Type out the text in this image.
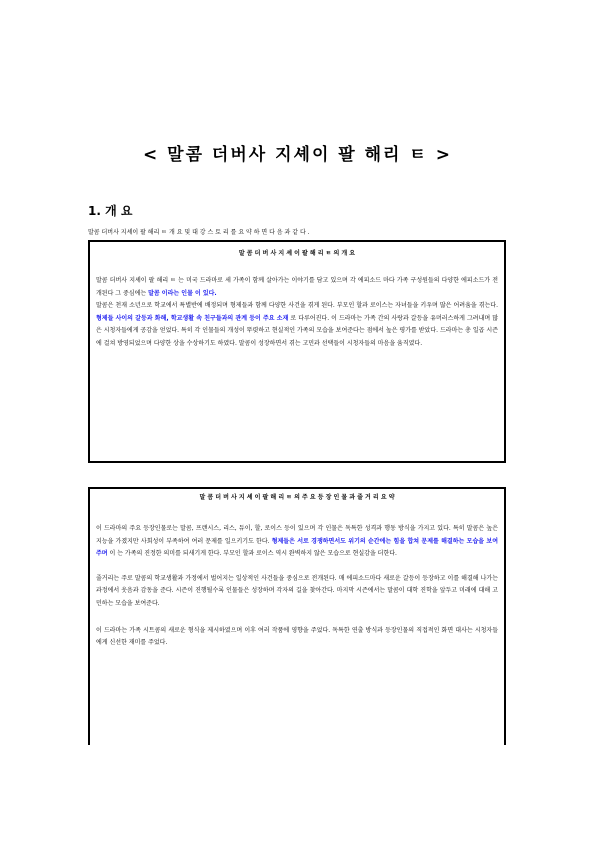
< 말콤 더버사 지셰이 팔 해리 ㅌ >
1. 개 요
말콤 더버사 지셰이 팔 해리 ㅌ 개 요 및 대 강 스 토 리 를 요 약 하 면 다 음 과 같 다 .
말 콤 더 버 사 지 셰 이 팔 해 리 ㅌ 의 개 요
말콤 더버사 지셰이 팔 해리 ㅌ 는 미국 드라마로 세 가족이 함께 살아가는 이야기를 담고 있으며 각 에피소드 마다 가족 구성원들의 다양한 에피소드가 전개된다 그 중심에는 말콤 이라는 인물 이 있다.
말콤은 천재 소년으로 학교에서 특별반에 배정되며 형제들과 함께 다양한 사건을 겪게 된다. 부모인 할과 로이스는 자녀들을 키우며 많은 어려움을 겪는다. 형제들 사이의 갈등과 화해, 학교생활 속 친구들과의 관계 등이 주요 소재 로 다루어진다. 이 드라마는 가족 간의 사랑과 갈등을 유머러스하게 그려내며 많은 시청자들에게 공감을 얻었다. 특히 각 인물들의 개성이 뚜렷하고 현실적인 가족의 모습을 보여준다는 점에서 높은 평가를 받았다. 드라마는 총 일곱 시즌에 걸쳐 방영되었으며 다양한 상을 수상하기도 하였다. 말콤이 성장하면서 겪는 고민과 선택들이 시청자들의 마음을 움직였다.
말 콤 더 버 사 지 셰 이 팔 해 리 ㅌ 의 주 요 등 장 인 물 과 줄 거 리 요 약
이 드라마의 주요 등장인물로는 말콤, 프랜시스, 리스, 듀이, 할, 로이스 등이 있으며 각 인물은 독특한 성격과 행동 방식을 가지고 있다. 특히 말콤은 높은 지능을 가졌지만 사회성이 부족하여 여러 문제를 일으키기도 한다. 형제들은 서로 경쟁하면서도 위기의 순간에는 힘을 합쳐 문제를 해결하는 모습을 보여주며 이 는 가족의 진정한 의미를 되새기게 한다. 부모인 할과 로이스 역시 완벽하지 않은 모습으로 현실감을 더한다.
줄거리는 주로 말콤의 학교생활과 가정에서 벌어지는 일상적인 사건들을 중심으로 전개된다. 매 에피소드마다 새로운 갈등이 등장하고 이를 해결해 나가는 과정에서 웃음과 감동을 준다. 시즌이 진행될수록 인물들은 성장하며 각자의 길을 찾아간다. 마지막 시즌에서는 말콤이 대학 진학을 앞두고 미래에 대해 고민하는 모습을 보여준다.
이 드라마는 가족 시트콤의 새로운 형식을 제시하였으며 이후 여러 작품에 영향을 주었다. 독특한 연출 방식과 등장인물의 직접적인 화면 대사는 시청자들에게 신선한 재미를 주었다.
